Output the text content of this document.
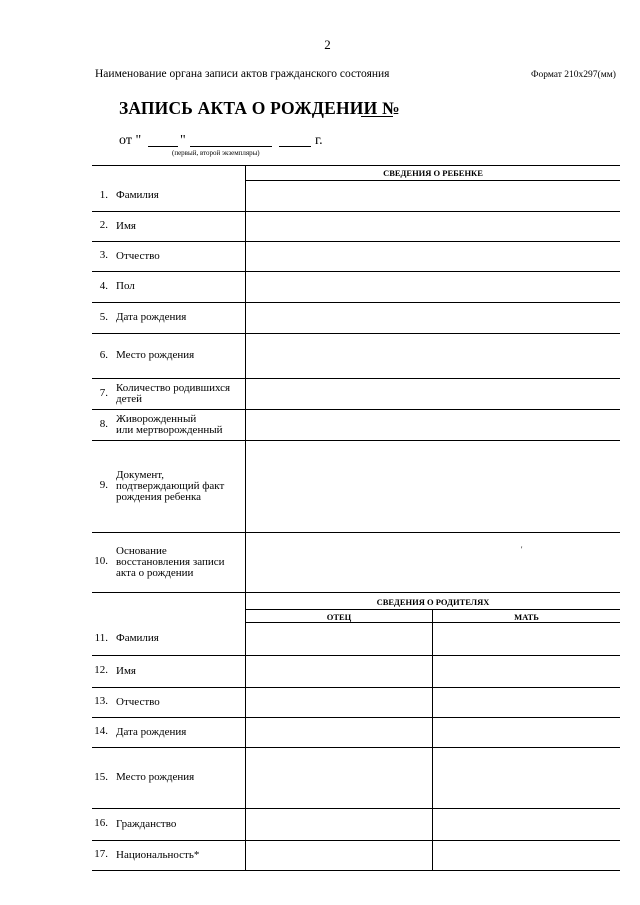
2
Наименование органа записи актов гражданского состояния	Формат 210х297(мм)
ЗАПИСЬ АКТА О РОЖДЕНИИ №
от "	"	г.
(первый, второй экземпляры)
СВЕДЕНИЯ О РЕБЕНКЕ
СВЕДЕНИЯ О РОДИТЕЛЯХ
ОТЕЦ	МАТЬ
1. Фамилия
2. Имя
3. Отчество
4. Пол
5. Дата рождения
6. Место рождения
7. Количество родившихся
детей
8. Живорожденный
или мертворожденный
9.
Документ,
подтверждающий факт
рождения ребенка
10.
Основание
восстановления записи
акта о рождении
11. Фамилия
12. Имя
13. Отчество
14. Дата рождения
15. Место рождения
16. Гражданство
17. Национальность*
'
